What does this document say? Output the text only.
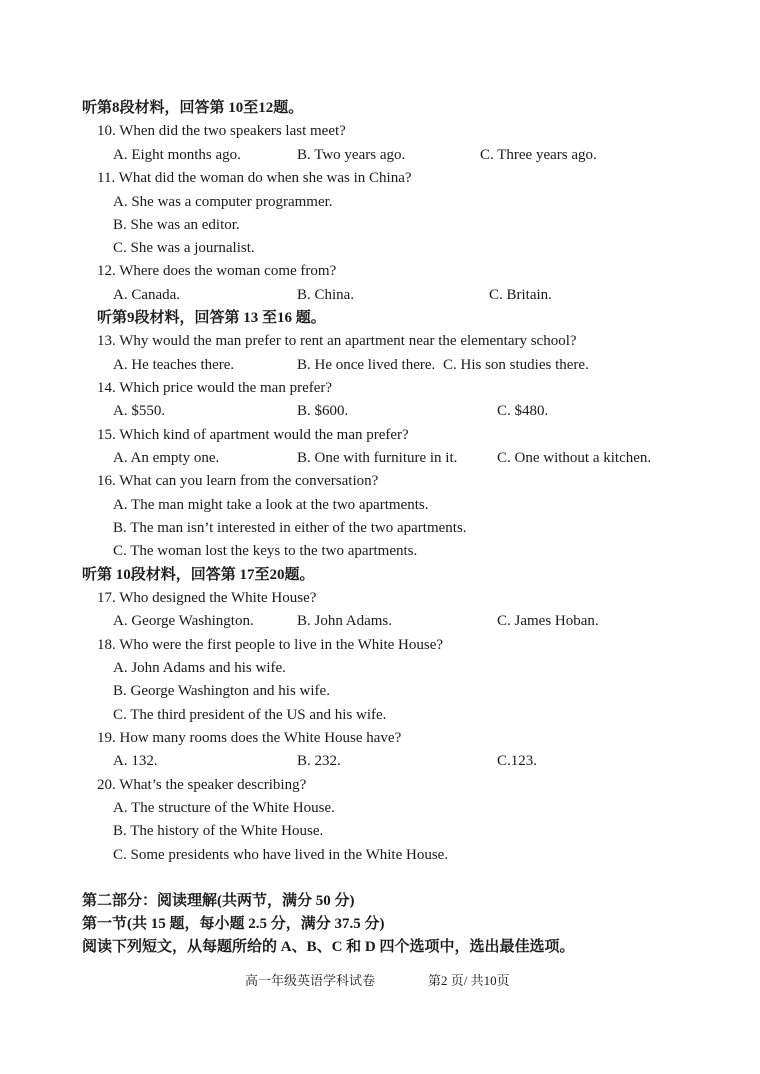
听第8段材料，回答第 10至12题。
10. When did the two speakers last meet?
A. Eight months ago.	B. Two years ago.	C. Three years ago.
11. What did the woman do when she was in China?
A. She was a computer programmer.
B. She was an editor.
C. She was a journalist.
12. Where does the woman come from?
A. Canada.	B. China.	C. Britain.
听第9段材料，回答第 13 至16 题。
13. Why would the man prefer to rent an apartment near the elementary school?
A. He teaches there.	B. He once lived there. C. His son studies there.
14. Which price would the man prefer?
A. $550.	B. $600.	C. $480.
15. Which kind of apartment would the man prefer?
A. An empty one.	B. One with furniture in it.	C. One without a kitchen.
16. What can you learn from the conversation?
A. The man might take a look at the two apartments.
B. The man isn’t interested in either of the two apartments.
C. The woman lost the keys to the two apartments.
听第 10段材料，回答第 17至20题。
17. Who designed the White House?
A. George Washington.	B. John Adams.	C. James Hoban.
18. Who were the first people to live in the White House?
A. John Adams and his wife.
B. George Washington and his wife.
C. The third president of the US and his wife.
19. How many rooms does the White House have?
A. 132.	B. 232.	C.123.
20. What’s the speaker describing?
A. The structure of the White House.
B. The history of the White House.
C. Some presidents who have lived in the White House.
第二部分：阅读理解(共两节，满分 50 分)
第一节(共 15 题，每小题 2.5 分，满分 37.5 分)
阅读下列短文，从每题所给的 A、B、C 和 D 四个选项中，选出最佳选项。
高一年级英语学科试卷	第2 页/ 共10页
